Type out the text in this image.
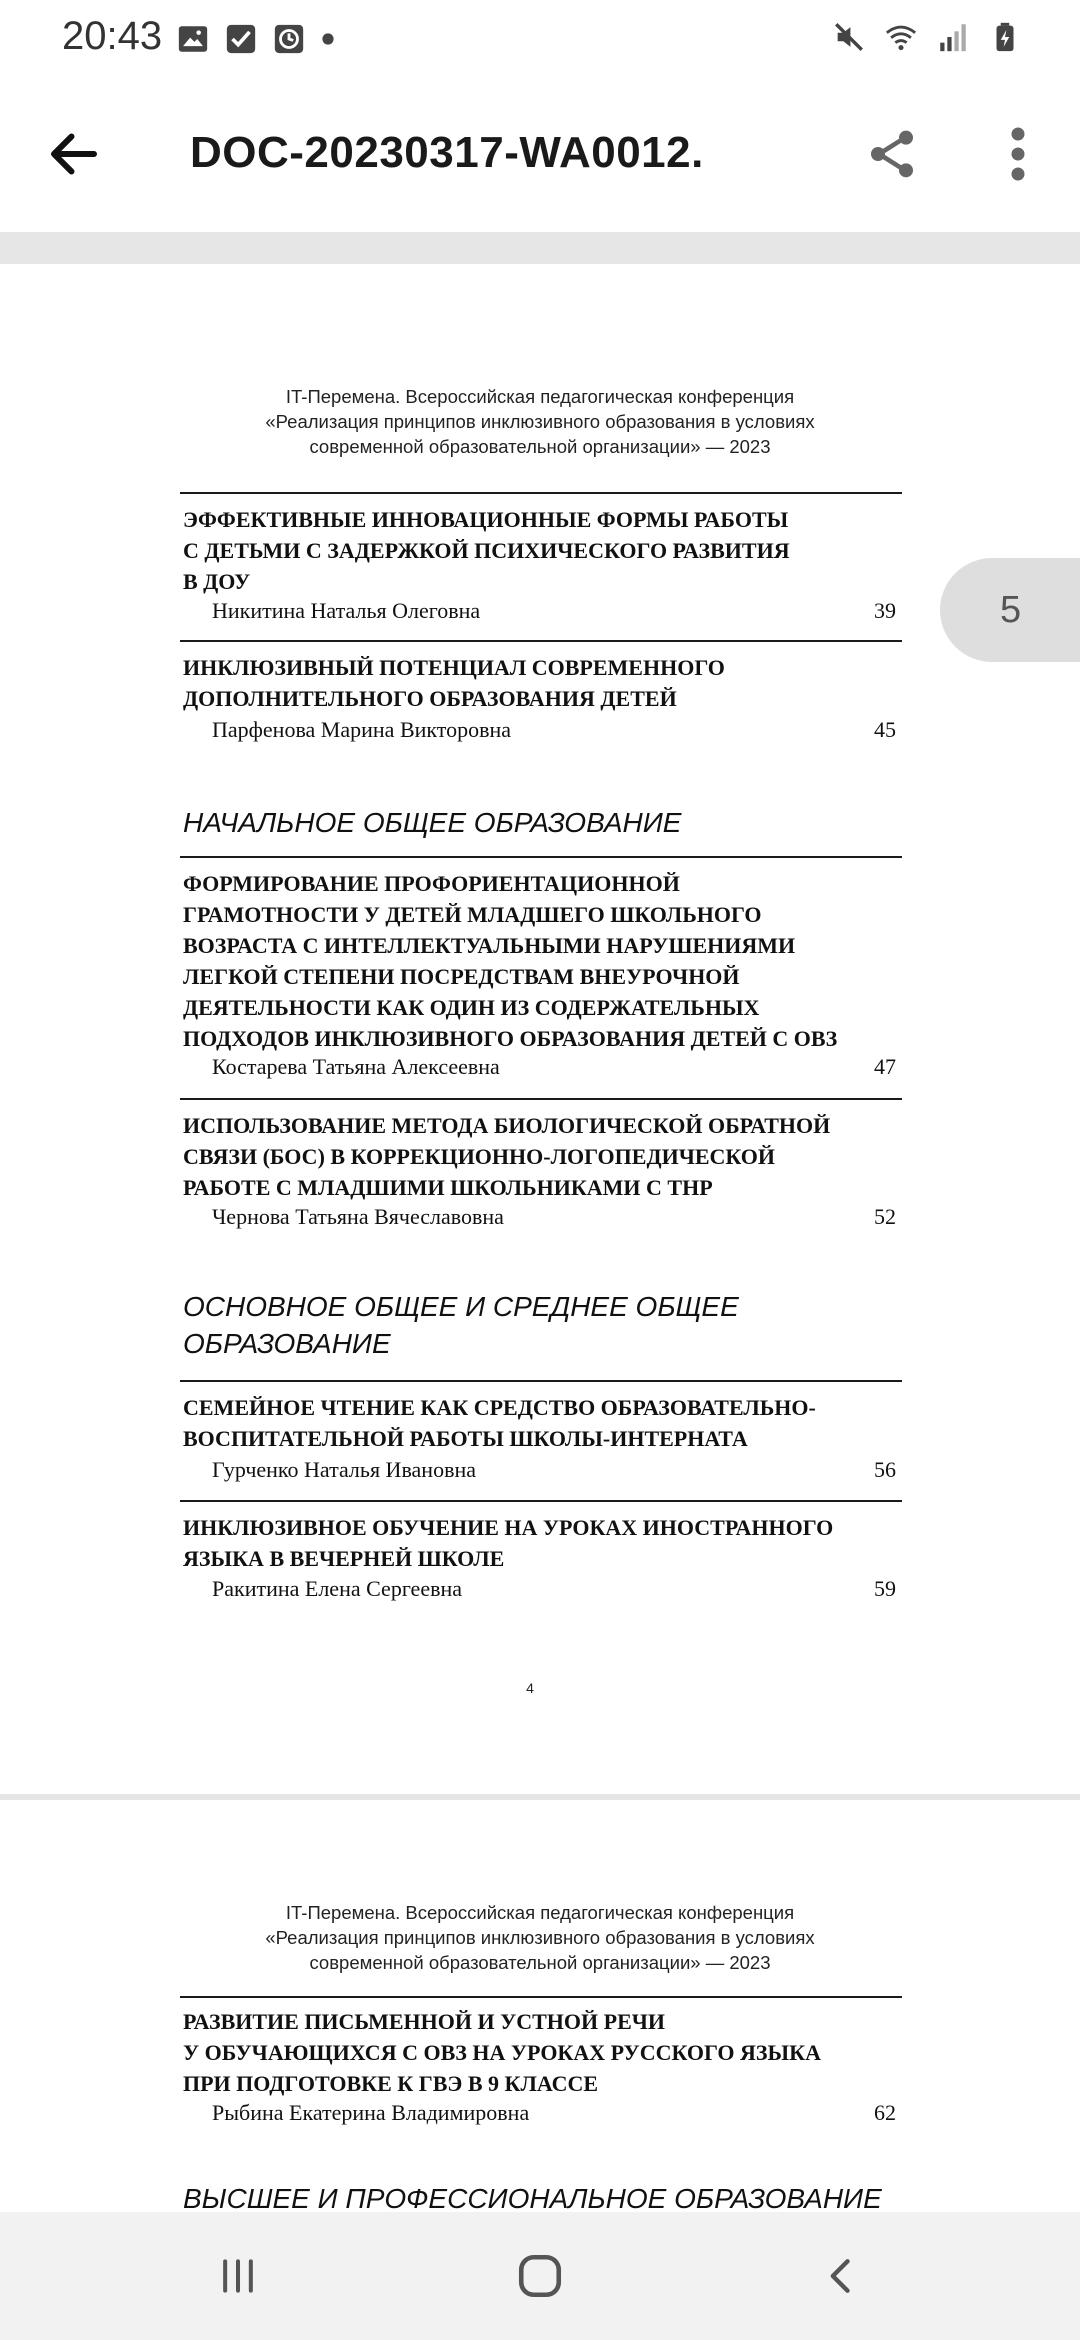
20:43
DOC-20230317-WA0012.
IT-Перемена. Всероссийская педагогическая конференция
«Реализация принципов инклюзивного образования в условиях
современной образовательной организации» — 2023
ЭФФЕКТИВНЫЕ ИННОВАЦИОННЫЕ ФОРМЫ РАБОТЫ
С ДЕТЬМИ С ЗАДЕРЖКОЙ ПСИХИЧЕСКОГО РАЗВИТИЯ
В ДОУ
Никитина Наталья Олеговна	39
ИНКЛЮЗИВНЫЙ ПОТЕНЦИАЛ СОВРЕМЕННОГО
ДОПОЛНИТЕЛЬНОГО ОБРАЗОВАНИЯ ДЕТЕЙ
Парфенова Марина Викторовна	45
НАЧАЛЬНОЕ ОБЩЕЕ ОБРАЗОВАНИЕ
ФОРМИРОВАНИЕ ПРОФОРИЕНТАЦИОННОЙ
ГРАМОТНОСТИ У ДЕТЕЙ МЛАДШЕГО ШКОЛЬНОГО
ВОЗРАСТА С ИНТЕЛЛЕКТУАЛЬНЫМИ НАРУШЕНИЯМИ
ЛЕГКОЙ СТЕПЕНИ ПОСРЕДСТВАМ ВНЕУРОЧНОЙ
ДЕЯТЕЛЬНОСТИ КАК ОДИН ИЗ СОДЕРЖАТЕЛЬНЫХ
ПОДХОДОВ ИНКЛЮЗИВНОГО ОБРАЗОВАНИЯ ДЕТЕЙ С ОВЗ
Костарева Татьяна Алексеевна	47
ИСПОЛЬЗОВАНИЕ МЕТОДА БИОЛОГИЧЕСКОЙ ОБРАТНОЙ
СВЯЗИ (БОС) В КОРРЕКЦИОННО-ЛОГОПЕДИЧЕСКОЙ
РАБОТЕ С МЛАДШИМИ ШКОЛЬНИКАМИ С ТНР
Чернова Татьяна Вячеславовна	52
ОСНОВНОЕ ОБЩЕЕ И СРЕДНЕЕ ОБЩЕЕ
ОБРАЗОВАНИЕ
СЕМЕЙНОЕ ЧТЕНИЕ КАК СРЕДСТВО ОБРАЗОВАТЕЛЬНО-
ВОСПИТАТЕЛЬНОЙ РАБОТЫ ШКОЛЫ-ИНТЕРНАТА
Гурченко Наталья Ивановна	56
ИНКЛЮЗИВНОЕ ОБУЧЕНИЕ НА УРОКАХ ИНОСТРАННОГО
ЯЗЫКА В ВЕЧЕРНЕЙ ШКОЛЕ
Ракитина Елена Сергеевна	59
4
IT-Перемена. Всероссийская педагогическая конференция
«Реализация принципов инклюзивного образования в условиях
современной образовательной организации» — 2023
РАЗВИТИЕ ПИСЬМЕННОЙ И УСТНОЙ РЕЧИ
У ОБУЧАЮЩИХСЯ С ОВЗ НА УРОКАХ РУССКОГО ЯЗЫКА
ПРИ ПОДГОТОВКЕ К ГВЭ В 9 КЛАССЕ
Рыбина Екатерина Владимировна	62
ВЫСШЕЕ И ПРОФЕССИОНАЛЬНОЕ ОБРАЗОВАНИЕ
5
